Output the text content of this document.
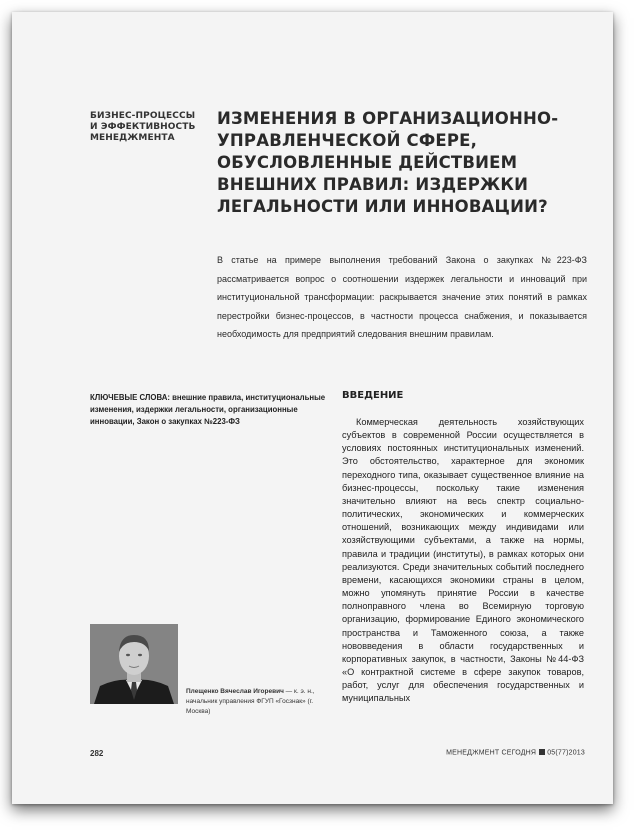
БИЗНЕС-ПРОЦЕССЫ И ЭФФЕКТИВНОСТЬ МЕНЕДЖМЕНТА
ИЗМЕНЕНИЯ В ОРГАНИЗАЦИОННО-УПРАВЛЕНЧЕСКОЙ СФЕРЕ, ОБУСЛОВЛЕННЫЕ ДЕЙСТВИЕМ ВНЕШНИХ ПРАВИЛ: ИЗДЕРЖКИ ЛЕГАЛЬНОСТИ ИЛИ ИННОВАЦИИ?
В статье на примере выполнения требований Закона о закупках №223-ФЗ рассматривается вопрос о соотношении издержек легальности и инноваций при институциональной трансформации: раскрывается значение этих понятий в рамках перестройки бизнес-процессов, в частности процесса снабжения, и показывается необходимость для предприятий следования внешним правилам.
КЛЮЧЕВЫЕ СЛОВА: внешние правила, институциональные изменения, издержки легальности, организационные инновации, Закон о закупках №223-ФЗ
ВВЕДЕНИЕ
Коммерческая деятельность хозяйствующих субъектов в современной России осуществляется в условиях постоянных институциональных изменений. Это обстоятельство, характерное для экономик переходного типа, оказывает существенное влияние на бизнес-процессы, поскольку такие изменения значительно влияют на весь спектр социально-политических, экономических и коммерческих отношений, возникающих между индивидами или хозяйствующими субъектами, а также на нормы, правила и традиции (институты), в рамках которых они реализуются. Среди значительных событий последнего времени, касающихся экономики страны в целом, можно упомянуть принятие России в качестве полноправного члена во Всемирную торговую организацию, формирование Единого экономического пространства и Таможенного союза, а также нововведения в области государственных и корпоративных закупок, в частности, Законы №44-ФЗ «О контрактной системе в сфере закупок товаров, работ, услуг для обеспечения государственных и муниципальных
Плещенко Вячеслав Игоревич — к. э. н., начальник управления ФГУП «Госзнак» (г. Москва)
282	МЕНЕДЖМЕНТ СЕГОДНЯ 05(77)2013
